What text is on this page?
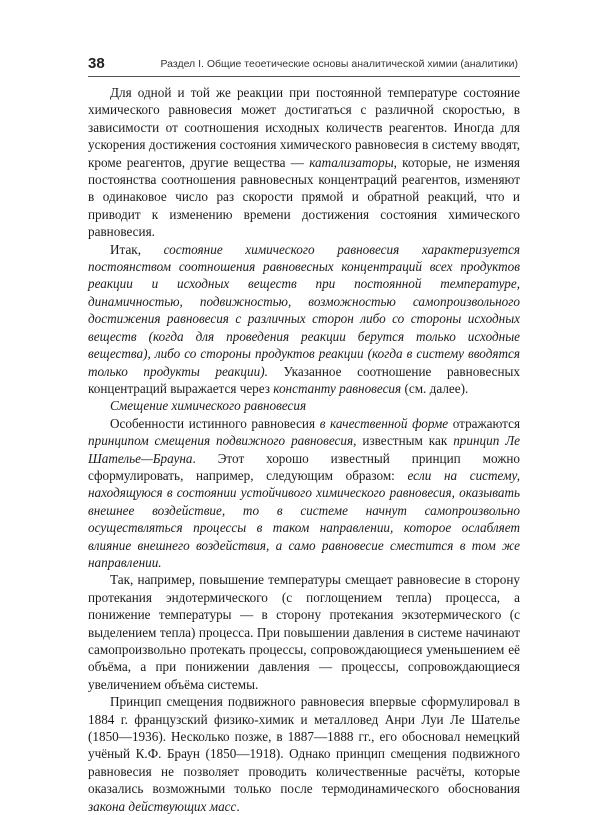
38	Раздел I. Общие теоетические основы аналитической химии (аналитики)

Для одной и той же реакции при постоянной температуре состояние химического равновесия может достигаться с различной скоростью, в зависимости от соотношения исходных количеств реагентов. Иногда для ускорения достижения состояния химического равновесия в систему вводят, кроме реагентов, другие вещества — катализаторы, которые, не изменяя постоянства соотношения равновесных концентраций реагентов, изменяют в одинаковое число раз скорости прямой и обратной реакций, что и приводит к изменению времени достижения состояния химического равновесия.

Итак, состояние химического равновесия характеризуется постоянством соотношения равновесных концентраций всех продуктов реакции и исходных веществ при постоянной температуре, динамичностью, подвижностью, возможностью самопроизвольного достижения равновесия с различных сторон либо со стороны исходных веществ (когда для проведения реакции берутся только исходные вещества), либо со стороны продуктов реакции (когда в систему вводятся только продукты реакции). Указанное соотношение равновесных концентраций выражается через константу равновесия (см. далее).

Смещение химического равновесия

Особенности истинного равновесия в качественной форме отражаются принципом смещения подвижного равновесия, известным как принцип Ле Шателье—Брауна. Этот хорошо известный принцип можно сформулировать, например, следующим образом: если на систему, находящуюся в состоянии устойчивого химического равновесия, оказывать внешнее воздействие, то в системе начнут самопроизвольно осуществляться процессы в таком направлении, которое ослабляет влияние внешнего воздействия, а само равновесие сместится в том же направлении.

Так, например, повышение температуры смещает равновесие в сторону протекания эндотермического (с поглощением тепла) процесса, а понижение температуры — в сторону протекания экзотермического (с выделением тепла) процесса. При повышении давления в системе начинают самопроизвольно протекать процессы, сопровождающиеся уменьшением её объёма, а при понижении давления — процессы, сопровождающиеся увеличением объёма системы.

Принцип смещения подвижного равновесия впервые сформулировал в 1884 г. французский физико-химик и металловед Анри Луи Ле Шателье (1850—1936). Несколько позже, в 1887—1888 гг., его обосновал немецкий учёный К.Ф. Браун (1850—1918). Однако принцип смещения подвижного равновесия не позволяет проводить количественные расчёты, которые оказались возможными только после термодинамического обоснования закона действующих масс.
